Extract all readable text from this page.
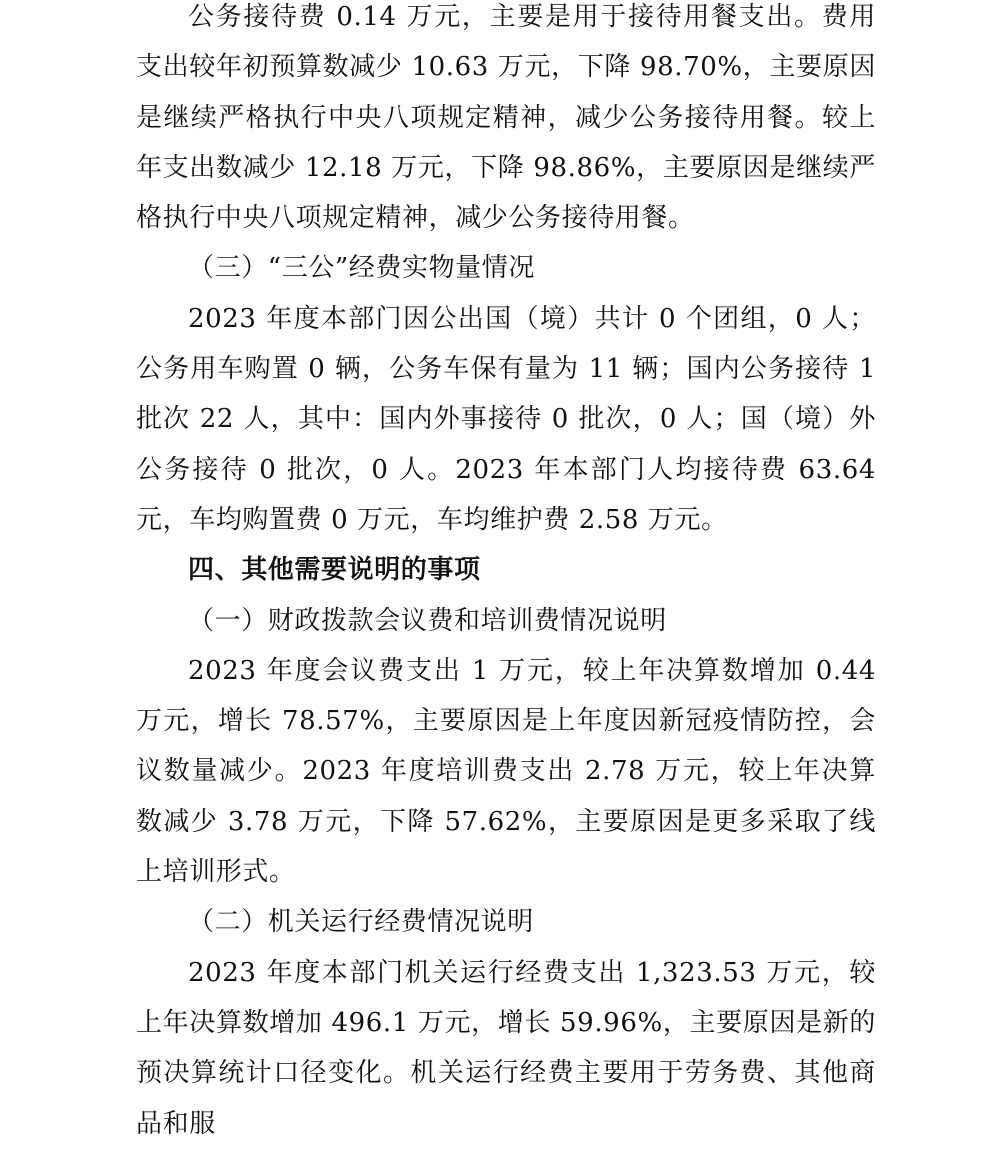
公务接待费 0.14 万元，主要是用于接待用餐支出。费用支出较年初预算数减少 10.63 万元，下降 98.70%，主要原因是继续严格执行中央八项规定精神，减少公务接待用餐。较上年支出数减少 12.18 万元，下降 98.86%，主要原因是继续严格执行中央八项规定精神，减少公务接待用餐。

（三）“三公”经费实物量情况

2023 年度本部门因公出国（境）共计 0 个团组，0 人；公务用车购置 0 辆，公务车保有量为 11 辆；国内公务接待 1 批次 22 人，其中：国内外事接待 0 批次，0 人；国（境）外公务接待 0 批次，0 人。2023 年本部门人均接待费 63.64 元，车均购置费 0 万元，车均维护费 2.58 万元。

四、其他需要说明的事项

（一）财政拨款会议费和培训费情况说明

2023 年度会议费支出 1 万元，较上年决算数增加 0.44 万元，增长 78.57%，主要原因是上年度因新冠疫情防控，会议数量减少。2023 年度培训费支出 2.78 万元，较上年决算数减少 3.78 万元，下降 57.62%，主要原因是更多采取了线上培训形式。

（二）机关运行经费情况说明

2023 年度本部门机关运行经费支出 1,323.53 万元，较上年决算数增加 496.1 万元，增长 59.96%，主要原因是新的预决算统计口径变化。机关运行经费主要用于劳务费、其他商品和服
